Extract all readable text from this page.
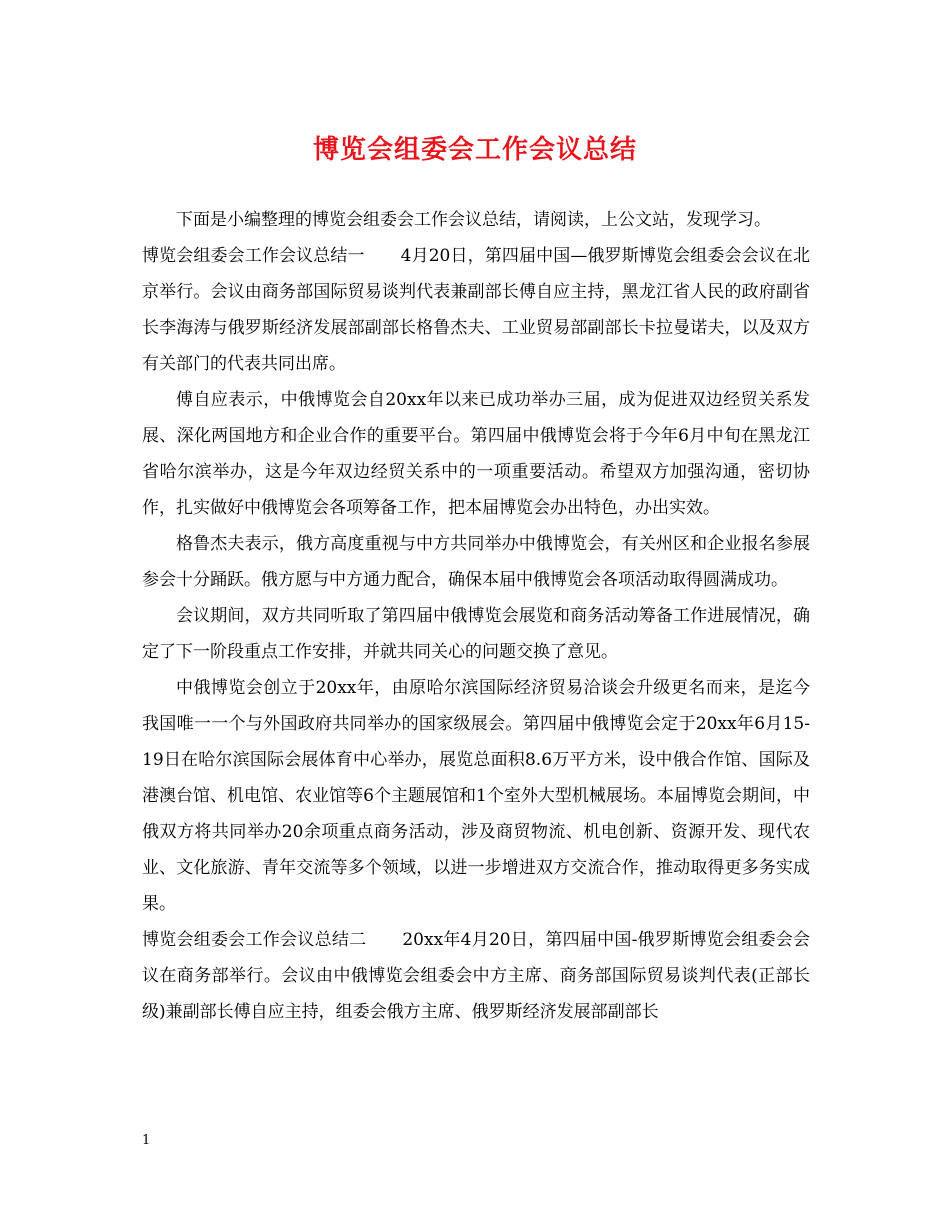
博览会组委会工作会议总结

下面是小编整理的博览会组委会工作会议总结，请阅读，上公文站，发现学习。

博览会组委会工作会议总结一 4月20日，第四届中国—俄罗斯博览会组委会会议在北京举行。会议由商务部国际贸易谈判代表兼副部长傅自应主持，黑龙江省人民的政府副省长李海涛与俄罗斯经济发展部副部长格鲁杰夫、工业贸易部副部长卡拉曼诺夫，以及双方有关部门的代表共同出席。

傅自应表示，中俄博览会自20xx年以来已成功举办三届，成为促进双边经贸关系发展、深化两国地方和企业合作的重要平台。第四届中俄博览会将于今年6月中旬在黑龙江省哈尔滨举办，这是今年双边经贸关系中的一项重要活动。希望双方加强沟通，密切协作，扎实做好中俄博览会各项筹备工作，把本届博览会办出特色，办出实效。

格鲁杰夫表示，俄方高度重视与中方共同举办中俄博览会，有关州区和企业报名参展参会十分踊跃。俄方愿与中方通力配合，确保本届中俄博览会各项活动取得圆满成功。

会议期间，双方共同听取了第四届中俄博览会展览和商务活动筹备工作进展情况，确定了下一阶段重点工作安排，并就共同关心的问题交换了意见。

中俄博览会创立于20xx年，由原哈尔滨国际经济贸易洽谈会升级更名而来，是迄今我国唯一一个与外国政府共同举办的国家级展会。第四届中俄博览会定于20xx年6月15-19日在哈尔滨国际会展体育中心举办，展览总面积8.6万平方米，设中俄合作馆、国际及港澳台馆、机电馆、农业馆等6个主题展馆和1个室外大型机械展场。本届博览会期间，中俄双方将共同举办20余项重点商务活动，涉及商贸物流、机电创新、资源开发、现代农业、文化旅游、青年交流等多个领域，以进一步增进双方交流合作，推动取得更多务实成果。

博览会组委会工作会议总结二 20xx年4月20日，第四届中国-俄罗斯博览会组委会会议在商务部举行。会议由中俄博览会组委会中方主席、商务部国际贸易谈判代表(正部长级)兼副部长傅自应主持，组委会俄方主席、俄罗斯经济发展部副部长

1
